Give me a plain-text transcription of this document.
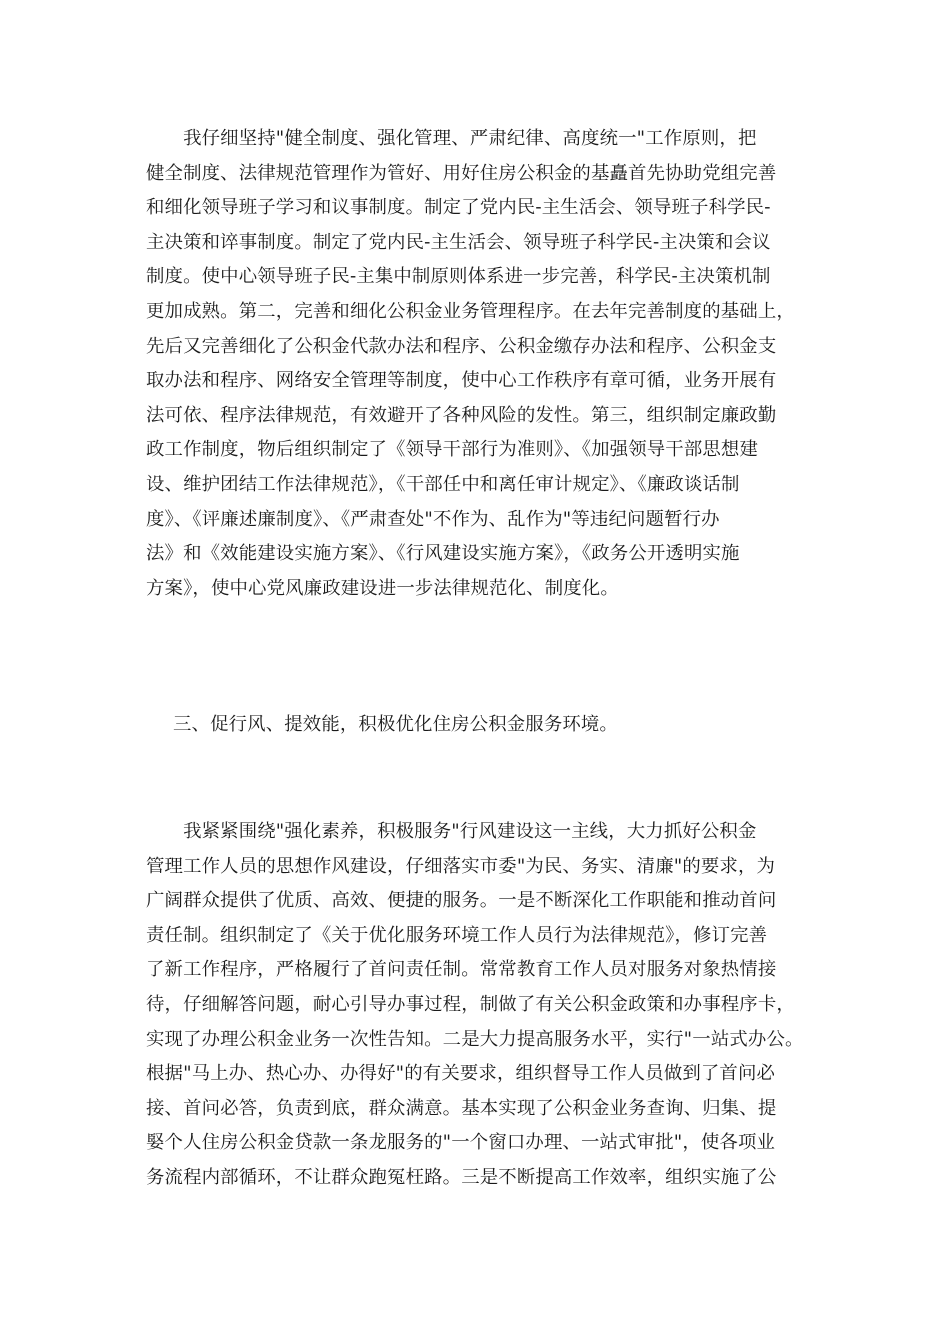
　　我仔细坚持"健全制度、强化管理、严肃纪律、高度统一"工作原则，把
健全制度、法律规范管理作为管好、用好住房公积金的基矗首先协助党组完善
和细化领导班子学习和议事制度。制定了党内民-主生活会、领导班子科学民-
主决策和谇事制度。制定了党内民-主生活会、领导班子科学民-主决策和会议
制度。使中心领导班子民-主集中制原则体系进一步完善，科学民-主决策机制
更加成熟。第二，完善和细化公积金业务管理程序。在去年完善制度的基础上，
先后又完善细化了公积金代款办法和程序、公积金缴存办法和程序、公积金支
取办法和程序、网络安全管理等制度，使中心工作秩序有章可循，业务开展有
法可依、程序法律规范，有效避开了各种风险的发性。第三，组织制定廉政勤
政工作制度，物后组织制定了《领导干部行为准则》、《加强领导干部思想建
设、维护团结工作法律规范》，《干部任中和离任审计规定》、《廉政谈话制
度》、《评廉述廉制度》、《严肃查处"不作为、乱作为"等违纪问题暂行办
法》和《效能建设实施方案》、《行风建设实施方案》，《政务公开透明实施
方案》，使中心党风廉政建设进一步法律规范化、制度化。
三、促行风、提效能，积极优化住房公积金服务环境。
　　我紧紧围绕"强化素养，积极服务"行风建设这一主线，大力抓好公积金
管理工作人员的思想作风建设，仔细落实市委"为民、务实、清廉"的要求，为
广阔群众提供了优质、高效、便捷的服务。一是不断深化工作职能和推动首问
责任制。组织制定了《关于优化服务环境工作人员行为法律规范》，修订完善
了新工作程序，严格履行了首问责任制。常常教育工作人员对服务对象热情接
待，仔细解答问题，耐心引导办事过程，制做了有关公积金政策和办事程序卡，
实现了办理公积金业务一次性告知。二是大力提高服务水平，实行"一站式办公。
根据"马上办、热心办、办得好"的有关要求，组织督导工作人员做到了首问必
接、首问必答，负责到底，群众满意。基本实现了公积金业务查询、归集、提
婜个人住房公积金贷款一条龙服务的"一个窗口办理、一站式审批"，使各项业
务流程内部循环，不让群众跑冤枉路。三是不断提高工作效率，组织实施了公
